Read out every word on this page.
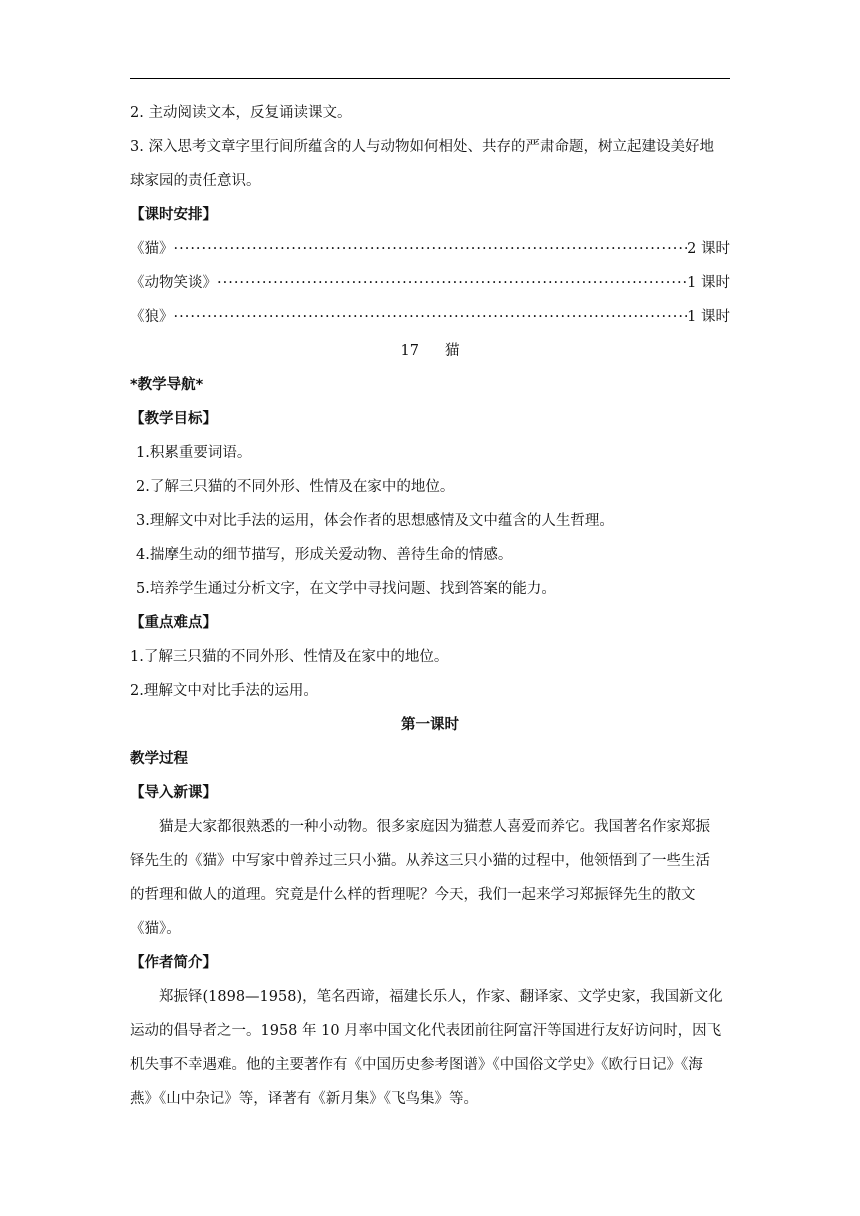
2. 主动阅读文本，反复诵读课文。
3. 深入思考文章字里行间所蕴含的人与动物如何相处、共存的严肃命题，树立起建设美好地
球家园的责任意识。
【课时安排】
《猫》 ·····	2 课时
《动物笑谈》 ·····	1 课时
《狼》 ·····	1 课时
17 猫
*教学导航*
【教学目标】
1.积累重要词语。
2.了解三只猫的不同外形、性情及在家中的地位。
3.理解文中对比手法的运用，体会作者的思想感情及文中蕴含的人生哲理。
4.揣摩生动的细节描写，形成关爱动物、善待生命的情感。
5.培养学生通过分析文字，在文学中寻找问题、找到答案的能力。
【重点难点】
1.了解三只猫的不同外形、性情及在家中的地位。
2.理解文中对比手法的运用。
第一课时
教学过程
【导入新课】
猫是大家都很熟悉的一种小动物。很多家庭因为猫惹人喜爱而养它。我国著名作家郑振
铎先生的《猫》中写家中曾养过三只小猫。从养这三只小猫的过程中，他领悟到了一些生活
的哲理和做人的道理。究竟是什么样的哲理呢？今天，我们一起来学习郑振铎先生的散文
《猫》。
【作者简介】
郑振铎(1898—1958)，笔名西谛，福建长乐人，作家、翻译家、文学史家，我国新文化
运动的倡导者之一。1958 年 10 月率中国文化代表团前往阿富汗等国进行友好访问时，因飞
机失事不幸遇难。他的主要著作有《中国历史参考图谱》《中国俗文学史》《欧行日记》《海
燕》《山中杂记》等，译著有《新月集》《飞鸟集》等。
